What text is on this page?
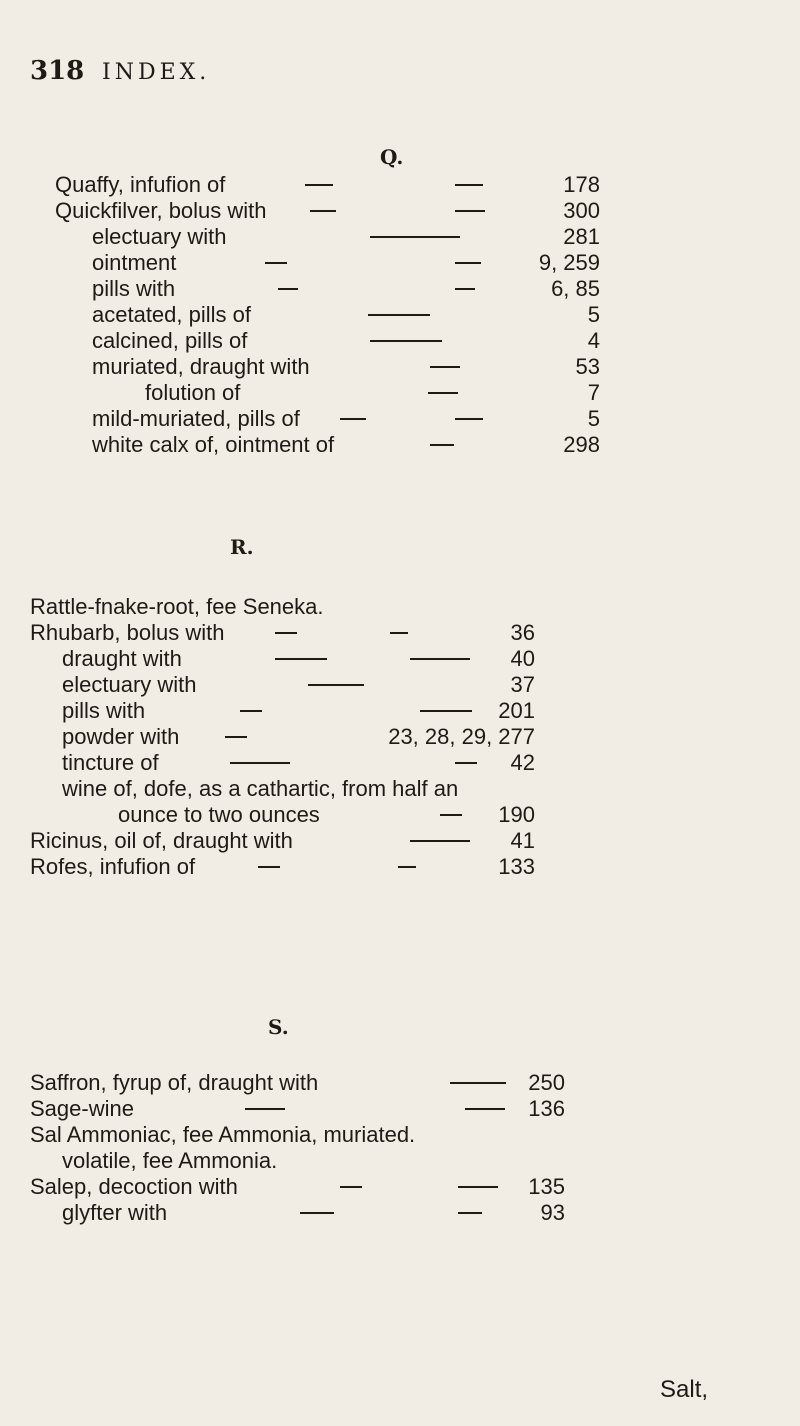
318 INDEX.
Q.
Quaffy, infufion of	178
Quickfilver, bolus with	300
electuary with	281
ointment	9, 259
pills with	6, 85
acetated, pills of	5
calcined, pills of	4
muriated, draught with	53
folution of	7
mild-muriated, pills of	5
white calx of, ointment of	298
R.
Rattle-fnake-root, fee Seneka.
Rhubarb, bolus with	36
draught with	40
electuary with	37
pills with	201
powder with	23, 28, 29, 277
tincture of	42
wine of, dofe, as a cathartic, from half an
ounce to two ounces	190
Ricinus, oil of, draught with	41
Rofes, infufion of	133
S.
Saffron, fyrup of, draught with	250
Sage-wine	136
Sal Ammoniac, fee Ammonia, muriated.
volatile, fee Ammonia.
Salep, decoction with	135
glyfter with	93
Salt,
